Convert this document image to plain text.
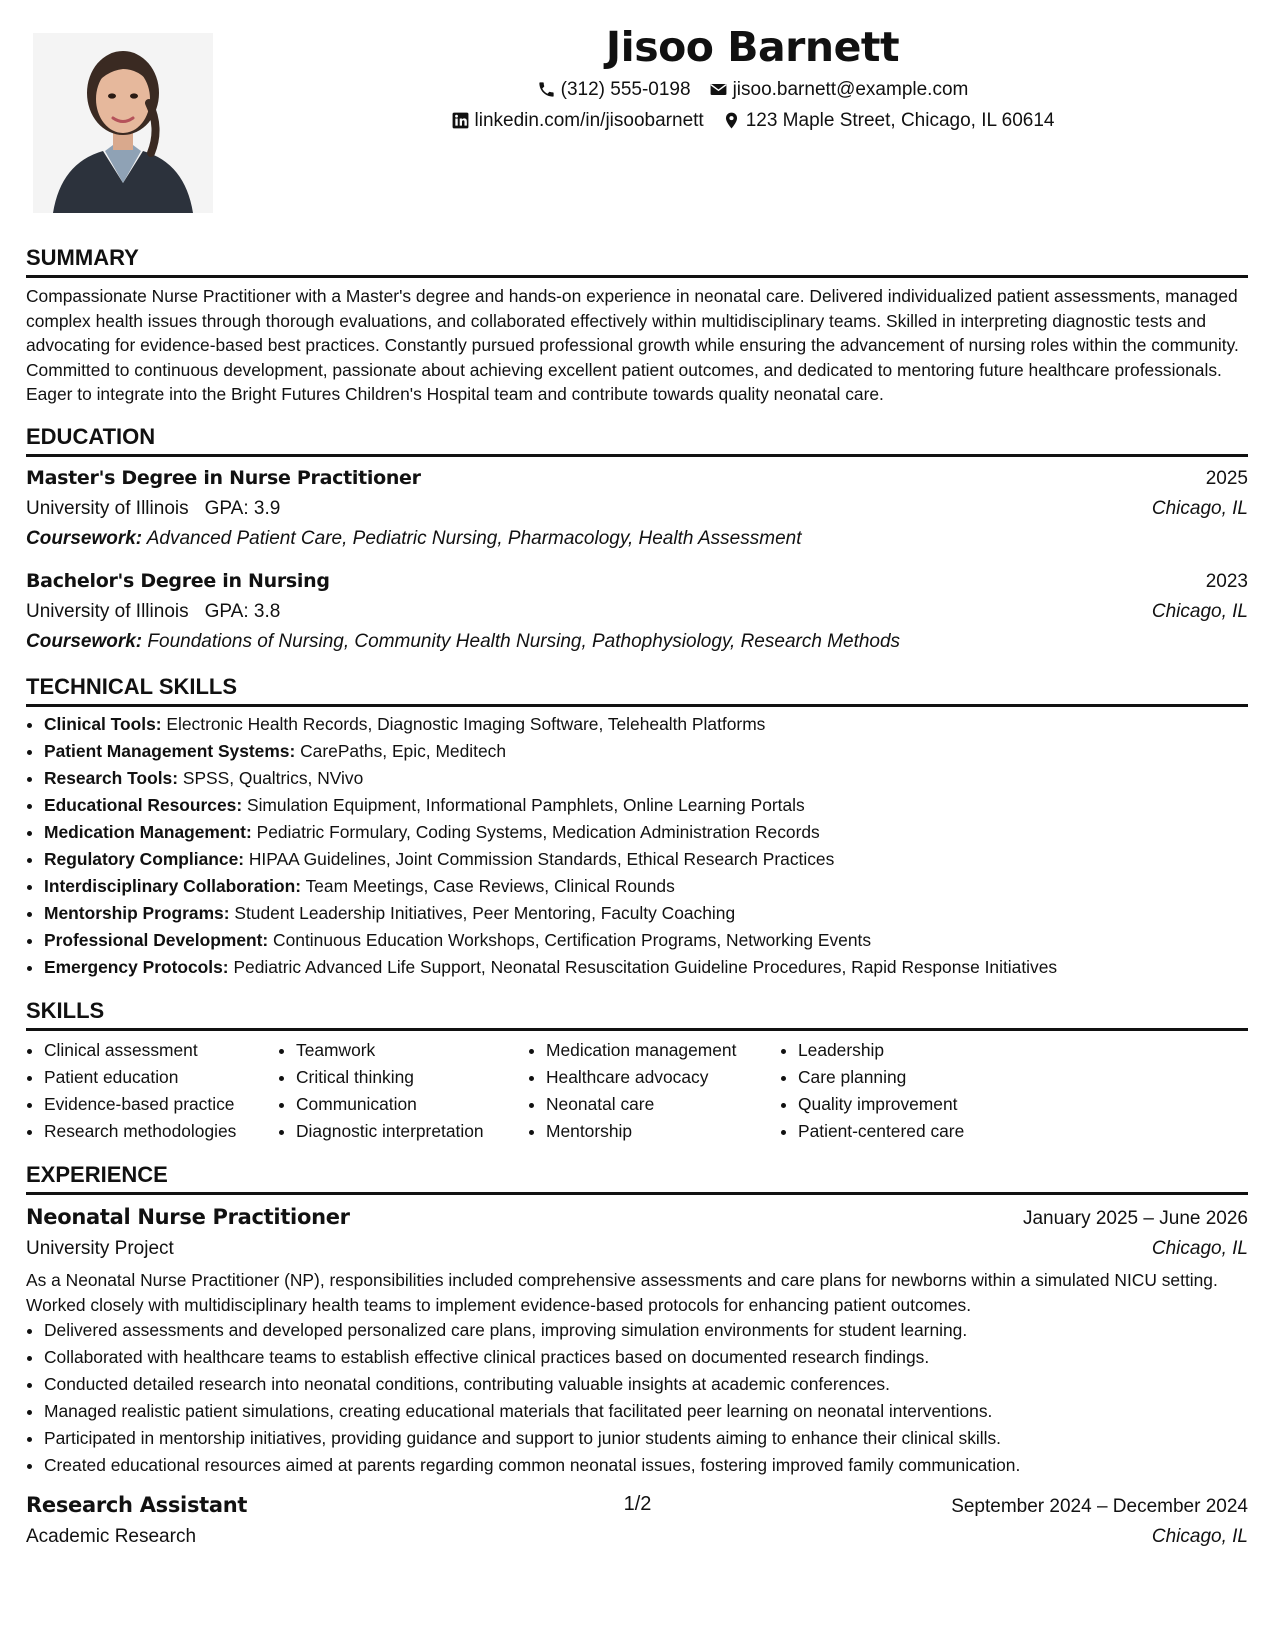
Jisoo Barnett
(312) 555-0198 jisoo.barnett@example.com
linkedin.com/in/jisoobarnett 123 Maple Street, Chicago, IL 60614
SUMMARY

Compassionate Nurse Practitioner with a Master's degree and hands-on experience in neonatal care. Delivered individualized patient assessments, managed complex health issues through thorough evaluations, and collaborated effectively within multidisciplinary teams. Skilled in interpreting diagnostic tests and advocating for evidence-based best practices. Constantly pursued professional growth while ensuring the advancement of nursing roles within the community. Committed to continuous development, passionate about achieving excellent patient outcomes, and dedicated to mentoring future healthcare professionals. Eager to integrate into the Bright Futures Children's Hospital team and contribute towards quality neonatal care.

EDUCATION
Master's Degree in Nurse Practitioner	2025
University of Illinois GPA: 3.9	Chicago, IL
Coursework: Advanced Patient Care, Pediatric Nursing, Pharmacology, Health Assessment
Bachelor's Degree in Nursing	2023
University of Illinois GPA: 3.8	Chicago, IL
Coursework: Foundations of Nursing, Community Health Nursing, Pathophysiology, Research Methods
TECHNICAL SKILLS
• Clinical Tools: Electronic Health Records, Diagnostic Imaging Software, Telehealth Platforms
• Patient Management Systems: CarePaths, Epic, Meditech
• Research Tools: SPSS, Qualtrics, NVivo
• Educational Resources: Simulation Equipment, Informational Pamphlets, Online Learning Portals
• Medication Management: Pediatric Formulary, Coding Systems, Medication Administration Records
• Regulatory Compliance: HIPAA Guidelines, Joint Commission Standards, Ethical Research Practices
• Interdisciplinary Collaboration: Team Meetings, Case Reviews, Clinical Rounds
• Mentorship Programs: Student Leadership Initiatives, Peer Mentoring, Faculty Coaching
• Professional Development: Continuous Education Workshops, Certification Programs, Networking Events
• Emergency Protocols: Pediatric Advanced Life Support, Neonatal Resuscitation Guideline Procedures, Rapid Response Initiatives
SKILLS
• Clinical assessment
• Patient education
• Evidence-based practice
• Research methodologies
• Teamwork
• Critical thinking
• Communication
• Diagnostic interpretation
• Medication management
• Healthcare advocacy
• Neonatal care
• Mentorship
• Leadership
• Care planning
• Quality improvement
• Patient-centered care
EXPERIENCE
Neonatal Nurse Practitioner	January 2025 – June 2026
University Project	Chicago, IL

As a Neonatal Nurse Practitioner (NP), responsibilities included comprehensive assessments and care plans for newborns within a simulated NICU setting. Worked closely with multidisciplinary health teams to implement evidence-based protocols for enhancing patient outcomes.

• Delivered assessments and developed personalized care plans, improving simulation environments for student learning.
• Collaborated with healthcare teams to establish effective clinical practices based on documented research findings.
• Conducted detailed research into neonatal conditions, contributing valuable insights at academic conferences.
• Managed realistic patient simulations, creating educational materials that facilitated peer learning on neonatal interventions.
• Participated in mentorship initiatives, providing guidance and support to junior students aiming to enhance their clinical skills.
• Created educational resources aimed at parents regarding common neonatal issues, fostering improved family communication.
Research Assistant	September 2024 – December 2024
Academic Research	Chicago, IL
1/2
